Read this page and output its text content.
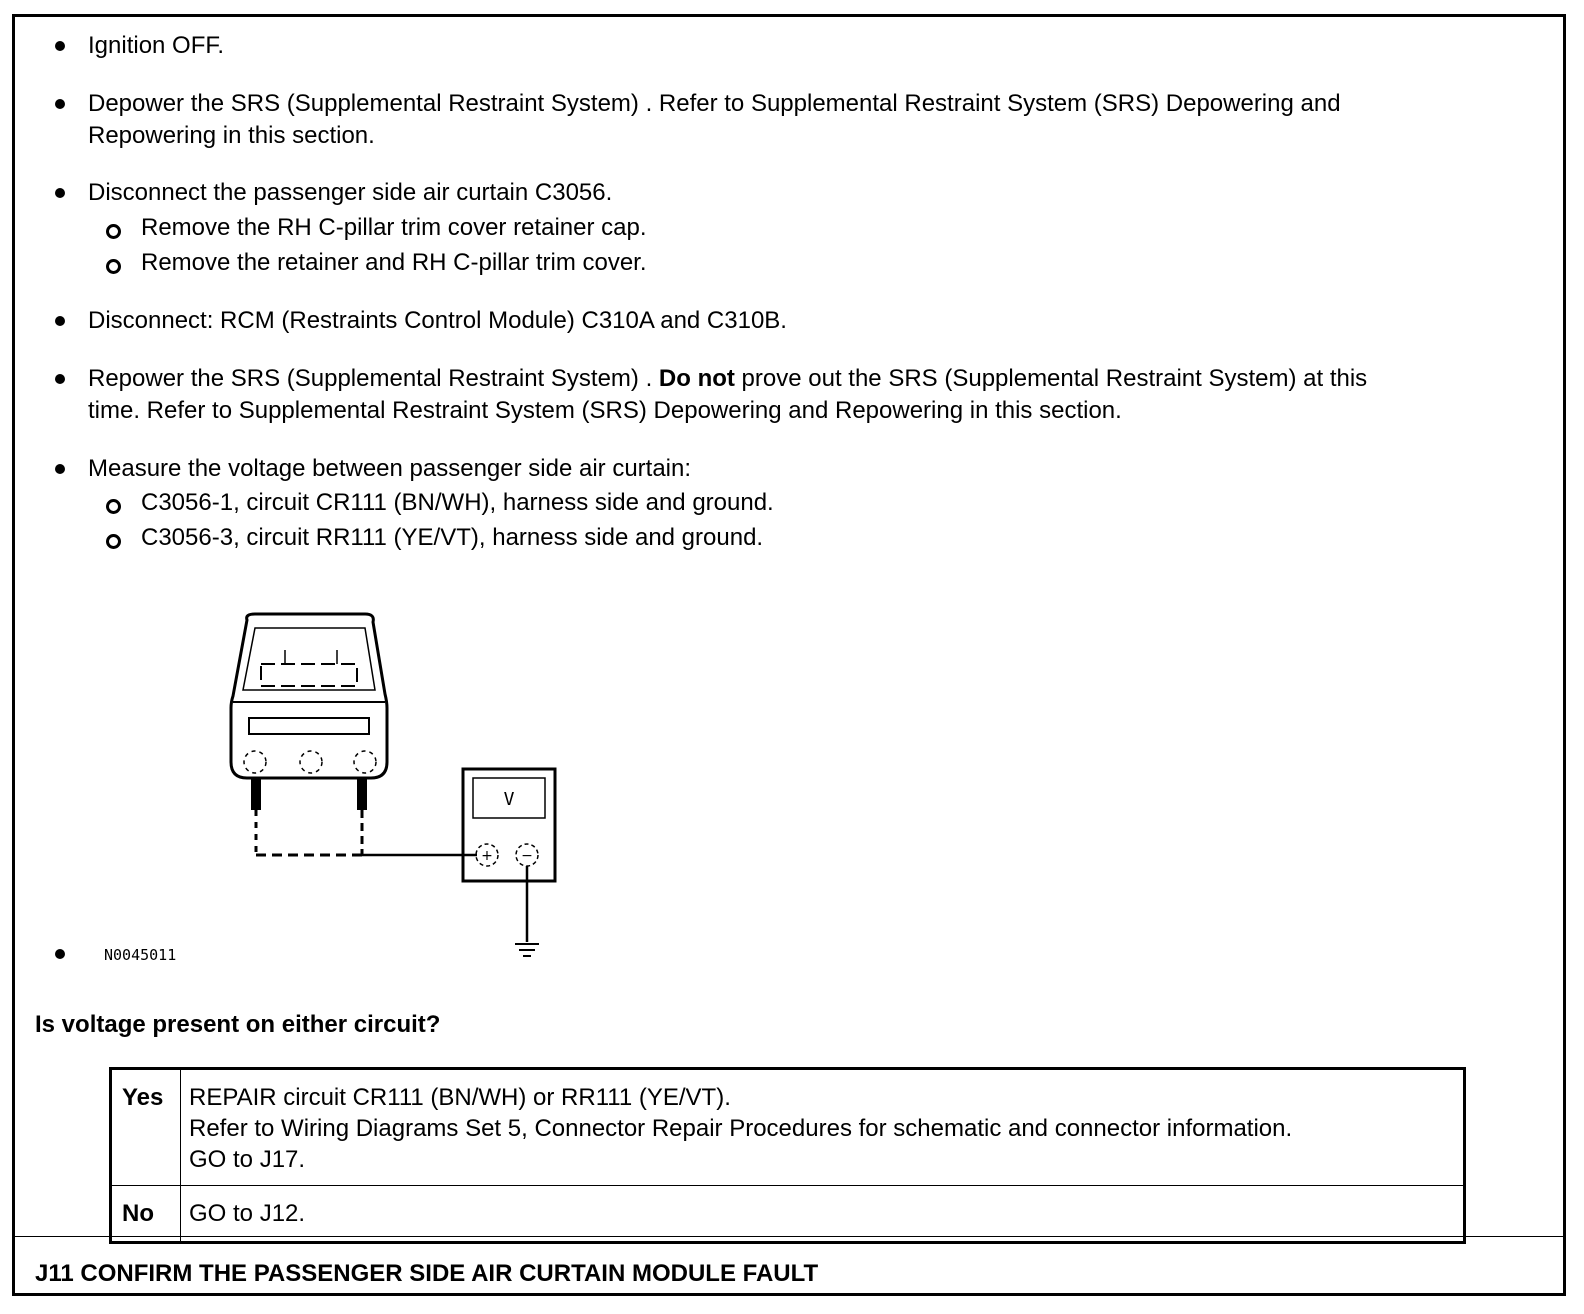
Ignition OFF.
Depower the SRS (Supplemental Restraint System) . Refer to Supplemental Restraint System (SRS) Depowering and
Repowering in this section.
Disconnect the passenger side air curtain C3056.
Remove the RH C-pillar trim cover retainer cap.
Remove the retainer and RH C-pillar trim cover.
Disconnect: RCM (Restraints Control Module) C310A and C310B.
Repower the SRS (Supplemental Restraint System) . Do not prove out the SRS (Supplemental Restraint System) at this
time. Refer to Supplemental Restraint System (SRS) Depowering and Repowering in this section.
Measure the voltage between passenger side air curtain:
C3056-1, circuit CR111 (BN/WH), harness side and ground.
C3056-3, circuit RR111 (YE/VT), harness side and ground.
V
+ −
N0045011
Is voltage present on either circuit?
Yes	REPAIR circuit CR111 (BN/WH) or RR111 (YE/VT).
Refer to Wiring Diagrams Set 5, Connector Repair Procedures for schematic and connector information.
GO to J17.

No	GO to J12.
J11 CONFIRM THE PASSENGER SIDE AIR CURTAIN MODULE FAULT
